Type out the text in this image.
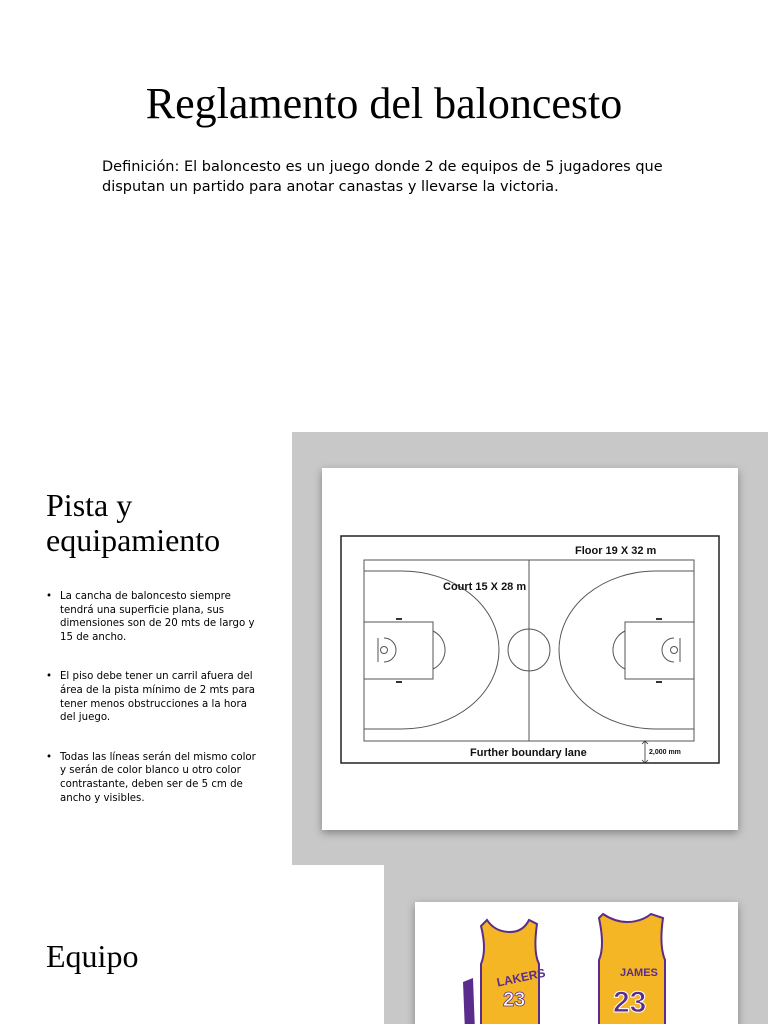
Reglamento del baloncesto

Definición: El baloncesto es un juego donde 2 de equipos de 5 jugadores que disputan un partido para anotar canastas y llevarse la victoria.

Pista y equipamiento
• La cancha de baloncesto siempre tendrá una superficie plana, sus dimensiones son de 20 mts de largo y 15 de ancho.
• El piso debe tener un carril afuera del área de la pista mínimo de 2 mts para tener menos obstrucciones a la hora del juego.
• Todas las líneas serán del mismo color y serán de color blanco u otro color contrastante, deben ser de 5 cm de ancho y visibles.
Floor 19 X 32 m
Court 15 X 28 m
Further boundary lane	2,000 mm
Equipo
LAKERS
23
JAMES
23
